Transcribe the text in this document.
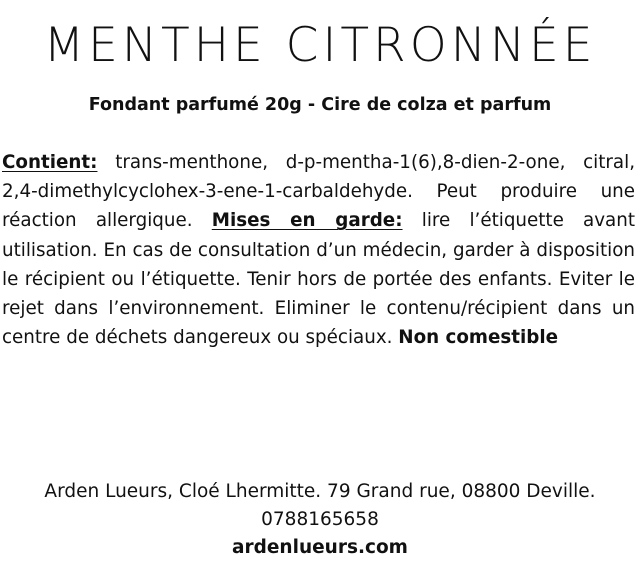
MENTHE CITRONNÉE
Fondant parfumé 20g - Cire de colza et parfum
Contient: trans-menthone, d-p-mentha-1(6),8-dien-2-one, citral, 2,4-dimethylcyclohex-3-ene-1-carbaldehyde. Peut produire une réaction allergique. Mises en garde: lire l’étiquette avant utilisation. En cas de consultation d’un médecin, garder à disposition le récipient ou l’étiquette. Tenir hors de portée des enfants. Eviter le rejet dans l’environnement. Eliminer le contenu/récipient dans un centre de déchets dangereux ou spéciaux. Non comestible
Arden Lueurs, Cloé Lhermitte. 79 Grand rue, 08800 Deville.
0788165658
ardenlueurs.com
